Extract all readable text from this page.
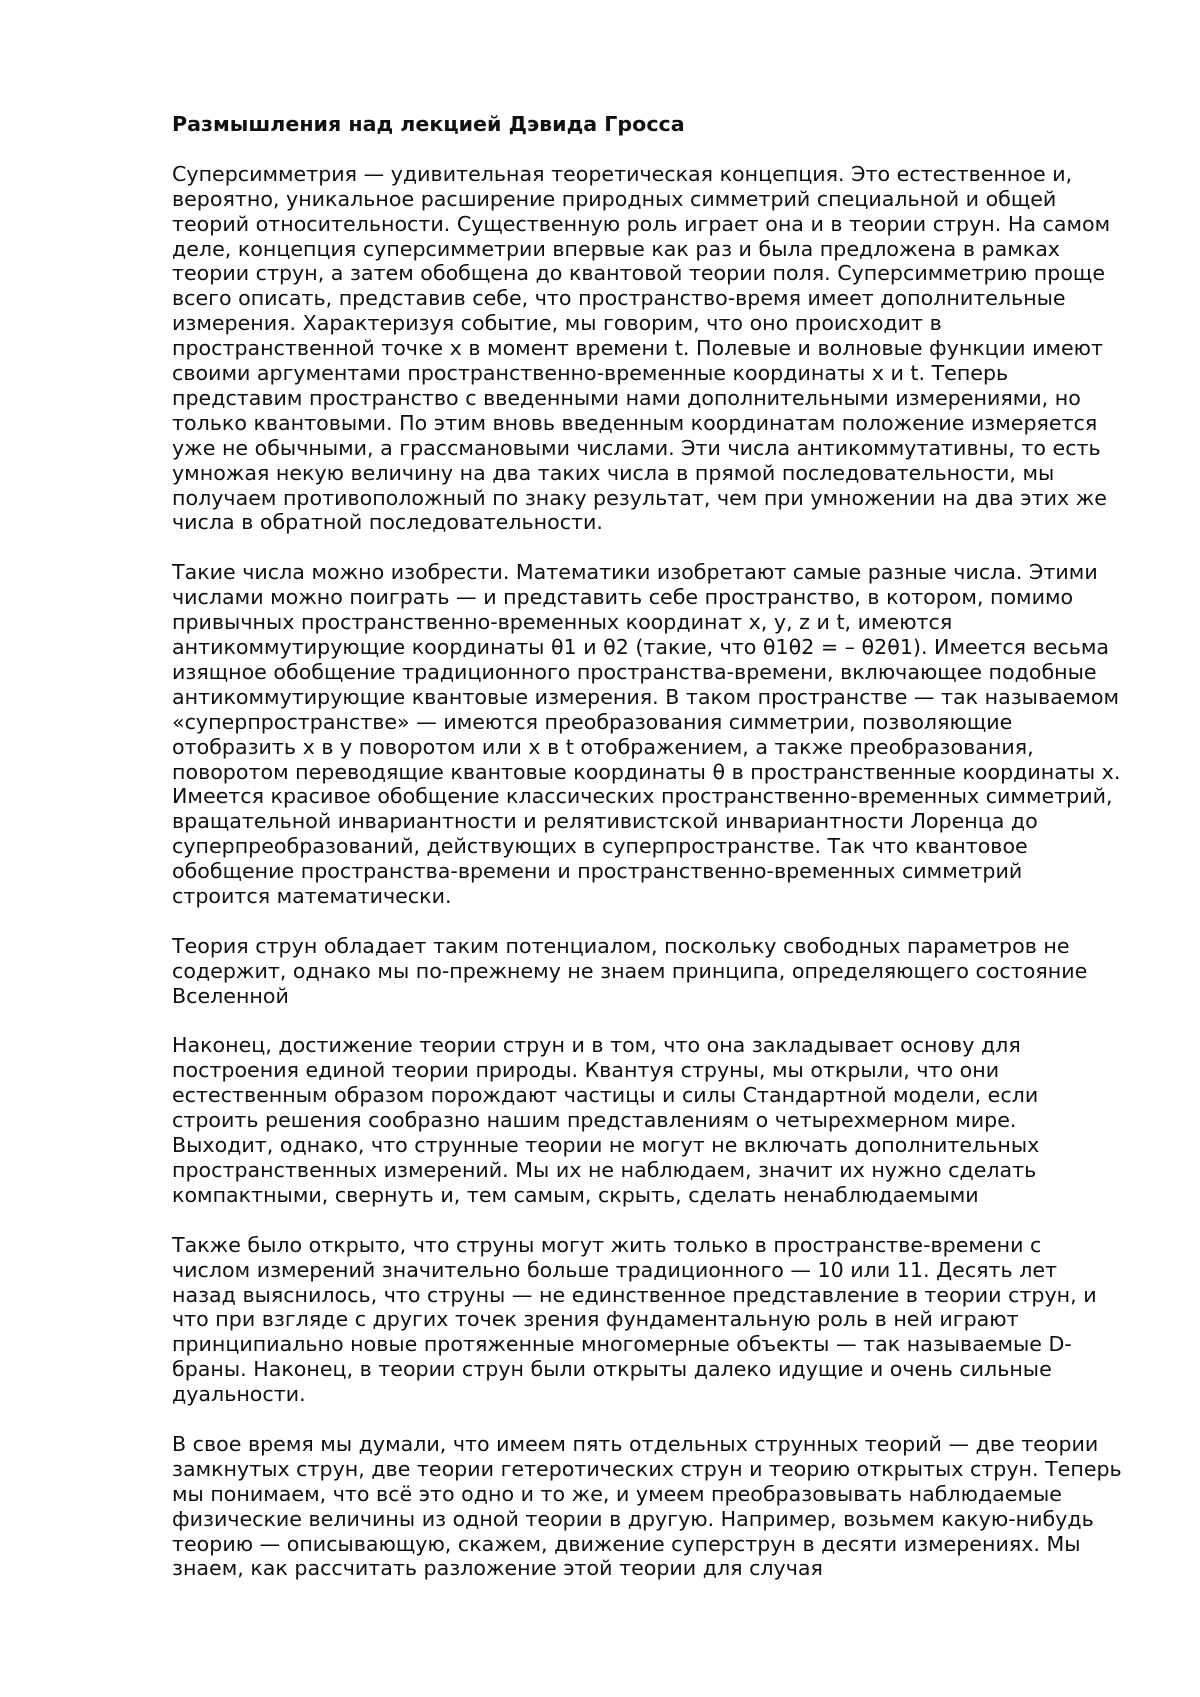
Размышления над лекцией Дэвида Гросса
Суперсимметрия — удивительная теоретическая концепция. Это естественное и, вероятно, уникальное расширение природных симметрий специальной и общей теорий относительности. Существенную роль играет она и в теории струн. На самом деле, концепция суперсимметрии впервые как раз и была предложена в рамках теории струн, а затем обобщена до квантовой теории поля. Суперсимметрию проще всего описать, представив себе, что пространство-время имеет дополнительные измерения. Характеризуя событие, мы говорим, что оно происходит в пространственной точке x в момент времени t. Полевые и волновые функции имеют своими аргументами пространственно-временные координаты x и t. Теперь представим пространство с введенными нами дополнительными измерениями, но только квантовыми. По этим вновь введенным координатам положение измеряется уже не обычными, а грассмановыми числами. Эти числа антикоммутативны, то есть умножая некую величину на два таких числа в прямой последовательности, мы получаем противоположный по знаку результат, чем при умножении на два этих же числа в обратной последовательности.
Такие числа можно изобрести. Математики изобретают самые разные числа. Этими числами можно поиграть — и представить себе пространство, в котором, помимо привычных пространственно-временных координат x, y, z и t, имеются антикоммутирующие координаты θ1 и θ2 (такие, что θ1θ2 = – θ2θ1). Имеется весьма изящное обобщение традиционного пространства-времени, включающее подобные антикоммутирующие квантовые измерения. В таком пространстве — так называемом «суперпространстве» — имеются преобразования симметрии, позволяющие отобразить x в y поворотом или x в t отображением, а также преобразования, поворотом переводящие квантовые координаты θ в пространственные координаты x. Имеется красивое обобщение классических пространственно-временных симметрий, вращательной инвариантности и релятивистской инвариантности Лоренца до суперпреобразований, действующих в суперпространстве. Так что квантовое обобщение пространства-времени и пространственно-временных симметрий строится математически.
Теория струн обладает таким потенциалом, поскольку свободных параметров не содержит, однако мы по-прежнему не знаем принципа, определяющего состояние Вселенной
Наконец, достижение теории струн и в том, что она закладывает основу для построения единой теории природы. Квантуя струны, мы открыли, что они естественным образом порождают частицы и силы Стандартной модели, если строить решения сообразно нашим представлениям о четырехмерном мире. Выходит, однако, что струнные теории не могут не включать дополнительных пространственных измерений. Мы их не наблюдаем, значит их нужно сделать компактными, свернуть и, тем самым, скрыть, сделать ненаблюдаемыми
Также было открыто, что струны могут жить только в пространстве-времени с числом измерений значительно больше традиционного — 10 или 11. Десять лет назад выяснилось, что струны — не единственное представление в теории струн, и что при взгляде с других точек зрения фундаментальную роль в ней играют принципиально новые протяженные многомерные объекты — так называемые D-браны. Наконец, в теории струн были открыты далеко идущие и очень сильные дуальности.
В свое время мы думали, что имеем пять отдельных струнных теорий — две теории замкнутых струн, две теории гетеротических струн и теорию открытых струн. Теперь мы понимаем, что всё это одно и то же, и умеем преобразовывать наблюдаемые физические величины из одной теории в другую. Например, возьмем какую-нибудь теорию — описывающую, скажем, движение суперструн в десяти измерениях. Мы знаем, как рассчитать разложение этой теории для случая
